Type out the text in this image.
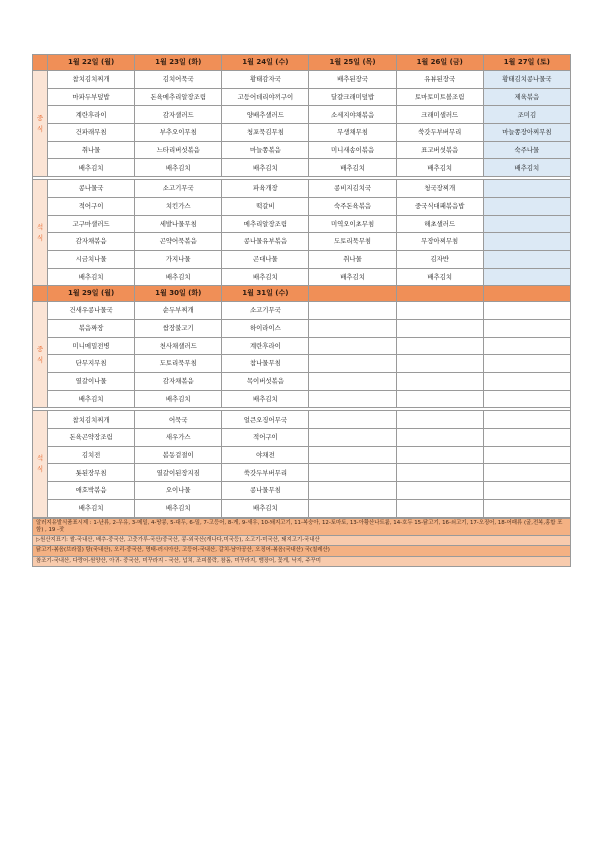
	1월 22일 (월)	1월 23일 (화)	1월 24일 (수)	1월 25일 (목)	1월 26일 (금)	1월 27일 (토)
중
식	참치김치찌개	김치어묵국	황태감자국	배추된장국	유뷰된장국	황태김치콩나물국
	마파두부덮밥	돈육메추리알장조림	고등어데리야끼구이	달걀크래미덮밥	토마토미트볼조림	제육볶음
	계란후라이	감자샐러드	양배추샐러드	소세지야채볶음	크래미샐러드	조미김
	건파래무침	부추오이무침	청포묵김무침	무생채무침	쑥갓두부버무리	마늘쫑장아찌무침
	취나물	느타리버섯볶음	마늘쫑볶음	미니새송이볶음	표고버섯볶음	숙주나물
	배추김치	배추김치	배추김치	배추김치	배추김치	배추김치

석
식	콩나물국	소고기무국	파육개장	콩비지김치국	청국장찌개	
	적어구이	치킨가스	떡갈비	숙주돈육볶음	중국식대패볶음밥	
	고구마샐러드	세발나물무침	메추리알장조림	미역오이초무침	해초샐러드	
	감자채볶음	곤약어묵볶음	콩나물유부볶음	도토리묵무침	무장아찌무침	
	시금치나물	가지나물	곤대나물	취나물	김자반	
	배추김치	배추김치	배추김치	배추김치	배추김치	
	1월 29일 (월)	1월 30일 (화)	1월 31일 (수)			
중
식	건새우콩나물국	순두부찌개	소고기무국			
	볶음짜장	쌈장불고기	하이라이스			
	미니메밀전병	천사채샐러드	계란후라이			
	단무지무침	도토리묵무침	참나물무침			
	열갈이나물	감자채볶음	목이버섯볶음			
	배추김치	배추김치	배추김치			

석
식	참치김치찌개	어묵국	얼큰오징어무국			
	돈육곤약장조림	새우가스	적어구이			
	김치전	봄동겉절이	야채전			
	톳된장무침	열갈이된장지짐	쑥갓두부버무리			
	애호박볶음	오이나물	콩나물무침			
	배추김치	배추김치	배추김치			
알러지유발식품표시제 : 1-난류, 2-우유, 3-메밀, 4-땅콩, 5-대두, 6-밀, 7-고등어, 8-게, 9-새우, 10-돼지고기, 11-복숭아, 12-토마토, 13-아황산나트륨, 14-호두 15-닭고기, 16-쇠고기, 17-오징어, 18-어패류 (굴,전복,홍합 포함) , 19 -잣
▷원산지표기: 쌀-국내산, 배추-중국산, 고춧가루-국산/중국산, 콩-외국산(캐나다,미국등), 소고기-미국산, 돼지고기-국내산
닭고기-볶음(브라질) 탕(국내산), 오리-중국산, 명태-러시아산, 고등어-국내산, 갈치-남아공산, 오징어-볶음(국내산) 국(칠레산)
참조기-국내산, 다랑어-원양산, 아귀- 중국산, 미꾸라지 - 국산, 넙치, 조피볼락, 참돔, 미꾸라지, 뱀장어, 꽃게, 낙지, 주꾸미
